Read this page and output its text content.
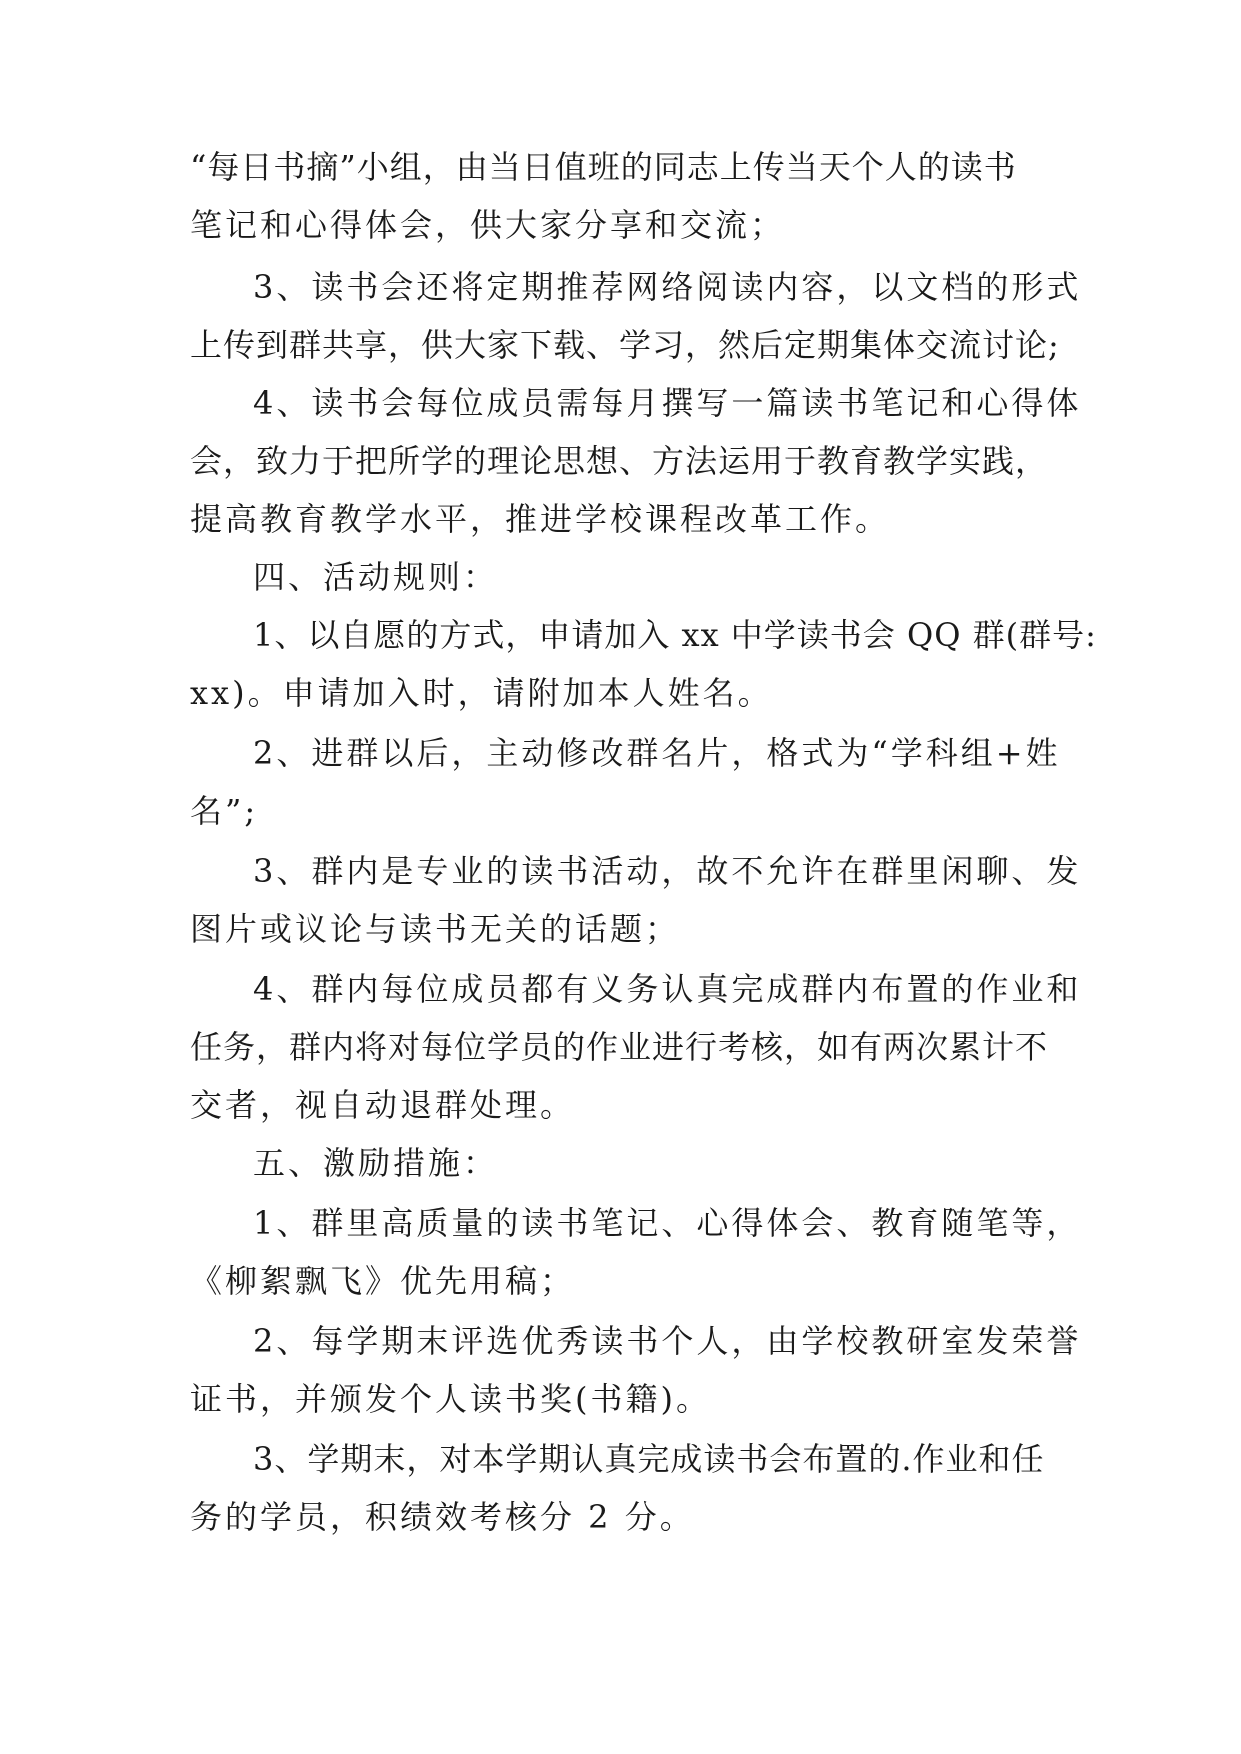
“每日书摘”小组，由当日值班的同志上传当天个人的读书

笔记和心得体会，供大家分享和交流；

3、读书会还将定期推荐网络阅读内容，以文档的形式

上传到群共享，供大家下载、学习，然后定期集体交流讨论;

4、读书会每位成员需每月撰写一篇读书笔记和心得体

会，致力于把所学的理论思想、方法运用于教育教学实践，

提高教育教学水平，推进学校课程改革工作。

四、活动规则：

1、以自愿的方式，申请加入 xx 中学读书会 QQ 群(群号:

xx)。申请加入时，请附加本人姓名。

2、进群以后，主动修改群名片，格式为“学科组+姓

名”;

3、群内是专业的读书活动，故不允许在群里闲聊、发

图片或议论与读书无关的话题；

4、群内每位成员都有义务认真完成群内布置的作业和

任务，群内将对每位学员的作业进行考核，如有两次累计不

交者，视自动退群处理。

五、激励措施：

1、群里高质量的读书笔记、心得体会、教育随笔等，

《柳絮飘飞》优先用稿；

2、每学期末评选优秀读书个人，由学校教研室发荣誉

证书，并颁发个人读书奖(书籍)。

3、学期末，对本学期认真完成读书会布置的.作业和任

务的学员，积绩效考核分 2 分。
